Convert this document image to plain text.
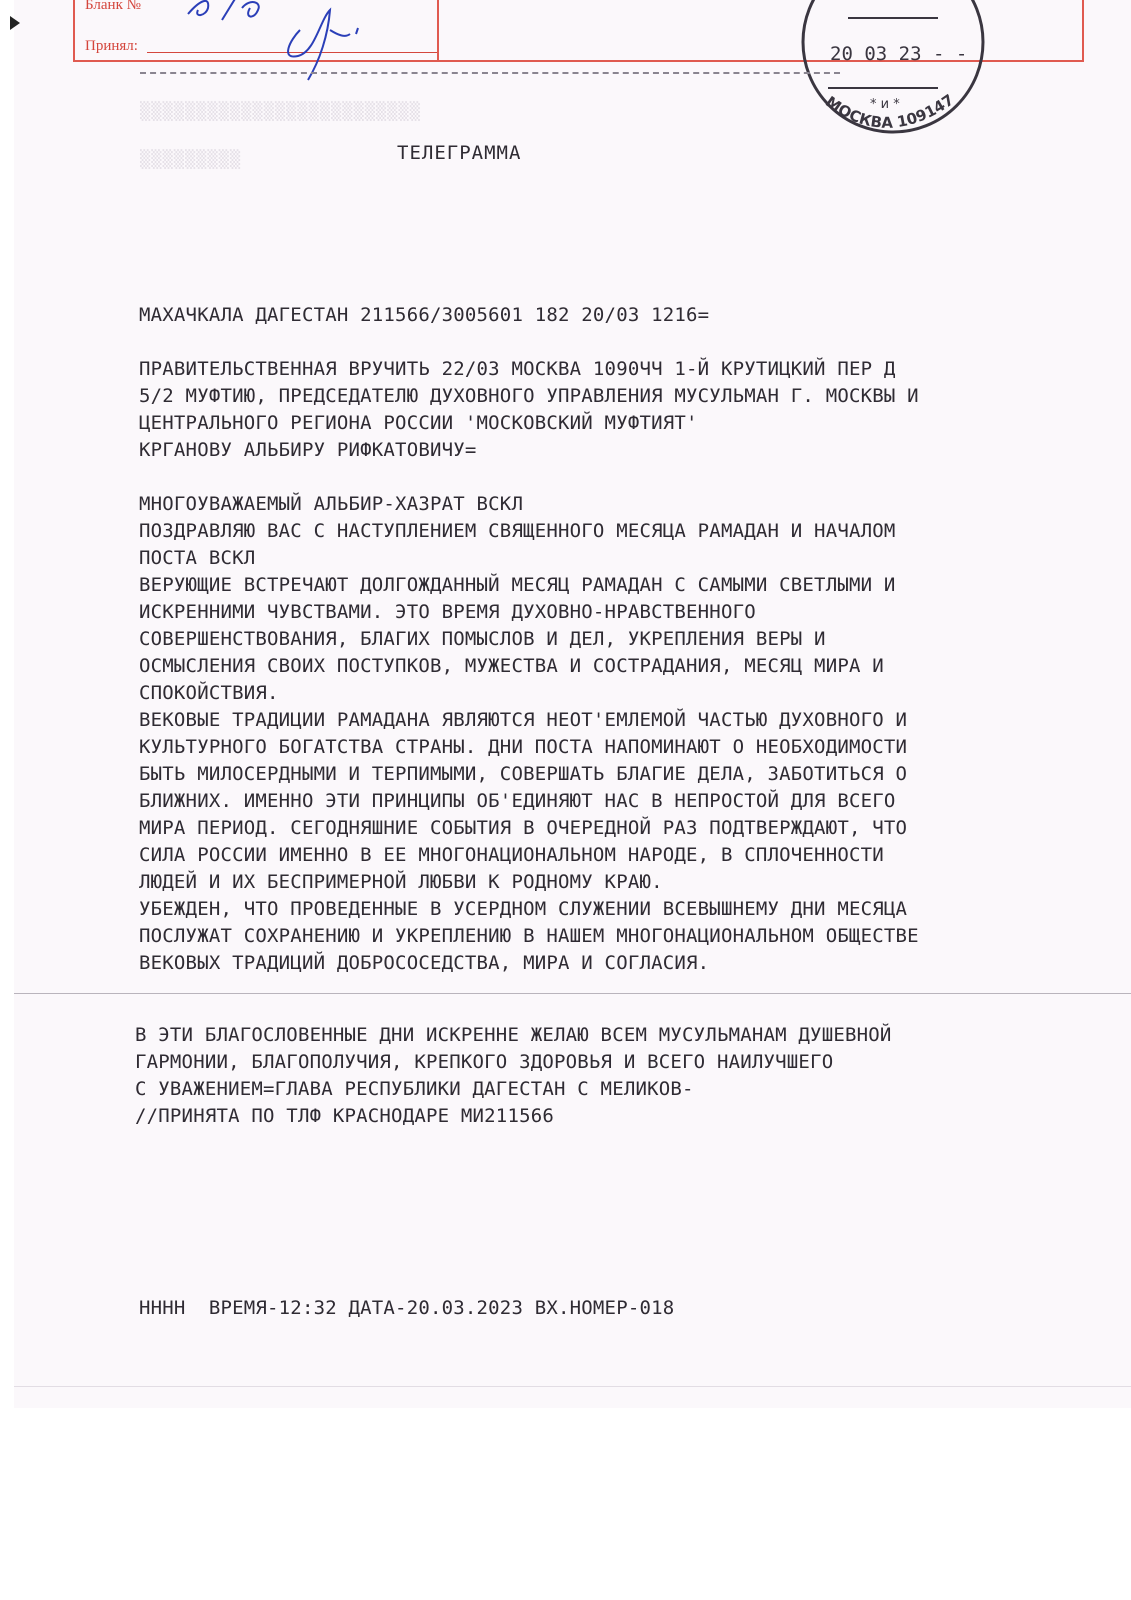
▒▒▒▒▒▒▒▒▒▒▒▒▒▒▒▒▒▒▒▒▒▒▒▒▒
▒▒▒▒▒▒▒▒▒
Бланк №
Принял:	20 03 23 - -
* и *
МОСКВА 109147
ТЕЛЕГРАММА
МАХАЧКАЛА ДАГЕСТАН 211566/3005601 182 20/03 1216=
ПРАВИТЕЛЬСТВЕННАЯ ВРУЧИТЬ 22/03 МОСКВА 1090ЧЧ 1-Й КРУТИЦКИЙ ПЕР Д
5/2 МУФТИЮ, ПРЕДСЕДАТЕЛЮ ДУХОВНОГО УПРАВЛЕНИЯ МУСУЛЬМАН Г. МОСКВЫ И
ЦЕНТРАЛЬНОГО РЕГИОНА РОССИИ 'МОСКОВСКИЙ МУФТИЯТ'
КРГАНОВУ АЛЬБИРУ РИФКАТОВИЧУ=
МНОГОУВАЖАЕМЫЙ АЛЬБИР-ХАЗРАТ ВСКЛ
ПОЗДРАВЛЯЮ ВАС С НАСТУПЛЕНИЕМ СВЯЩЕННОГО МЕСЯЦА РАМАДАН И НАЧАЛОМ
ПОСТА ВСКЛ
ВЕРУЮЩИЕ ВСТРЕЧАЮТ ДОЛГОЖДАННЫЙ МЕСЯЦ РАМАДАН С САМЫМИ СВЕТЛЫМИ И
ИСКРЕННИМИ ЧУВСТВАМИ. ЭТО ВРЕМЯ ДУХОВНО-НРАВСТВЕННОГО
СОВЕРШЕНСТВОВАНИЯ, БЛАГИХ ПОМЫСЛОВ И ДЕЛ, УКРЕПЛЕНИЯ ВЕРЫ И
ОСМЫСЛЕНИЯ СВОИХ ПОСТУПКОВ, МУЖЕСТВА И СОСТРАДАНИЯ, МЕСЯЦ МИРА И
СПОКОЙСТВИЯ.
ВЕКОВЫЕ ТРАДИЦИИ РАМАДАНА ЯВЛЯЮТСЯ НЕОТ'ЕМЛЕМОЙ ЧАСТЬЮ ДУХОВНОГО И
КУЛЬТУРНОГО БОГАТСТВА СТРАНЫ. ДНИ ПОСТА НАПОМИНАЮТ О НЕОБХОДИМОСТИ
БЫТЬ МИЛОСЕРДНЫМИ И ТЕРПИМЫМИ, СОВЕРШАТЬ БЛАГИЕ ДЕЛА, ЗАБОТИТЬСЯ О
БЛИЖНИХ. ИМЕННО ЭТИ ПРИНЦИПЫ ОБ'ЕДИНЯЮТ НАС В НЕПРОСТОЙ ДЛЯ ВСЕГО
МИРА ПЕРИОД. СЕГОДНЯШНИЕ СОБЫТИЯ В ОЧЕРЕДНОЙ РАЗ ПОДТВЕРЖДАЮТ, ЧТО
СИЛА РОССИИ ИМЕННО В ЕЕ МНОГОНАЦИОНАЛЬНОМ НАРОДЕ, В СПЛОЧЕННОСТИ
ЛЮДЕЙ И ИХ БЕСПРИМЕРНОЙ ЛЮБВИ К РОДНОМУ КРАЮ.
УБЕЖДЕН, ЧТО ПРОВЕДЕННЫЕ В УСЕРДНОМ СЛУЖЕНИИ ВСЕВЫШНЕМУ ДНИ МЕСЯЦА
ПОСЛУЖАТ СОХРАНЕНИЮ И УКРЕПЛЕНИЮ В НАШЕМ МНОГОНАЦИОНАЛЬНОМ ОБЩЕСТВЕ
ВЕКОВЫХ ТРАДИЦИЙ ДОБРОСОСЕДСТВА, МИРА И СОГЛАСИЯ.
В ЭТИ БЛАГОСЛОВЕННЫЕ ДНИ ИСКРЕННЕ ЖЕЛАЮ ВСЕМ МУСУЛЬМАНАМ ДУШЕВНОЙ
ГАРМОНИИ, БЛАГОПОЛУЧИЯ, КРЕПКОГО ЗДОРОВЬЯ И ВСЕГО НАИЛУЧШЕГО
С УВАЖЕНИЕМ=ГЛАВА РЕСПУБЛИКИ ДАГЕСТАН С МЕЛИКОВ-
//ПРИНЯТА ПО ТЛФ КРАСНОДАРЕ МИ211566
НННН  ВРЕМЯ-12:32 ДАТА-20.03.2023 ВХ.НОМЕР-018
